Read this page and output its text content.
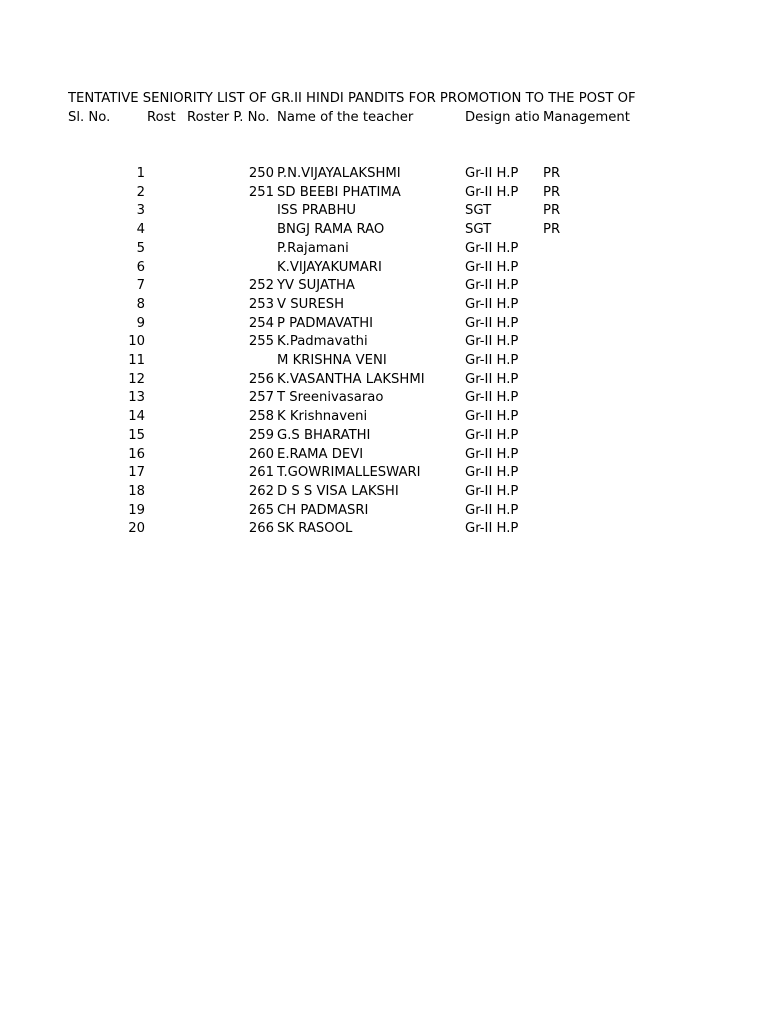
TENTATIVE SENIORITY LIST OF GR.II HINDI PANDITS FOR PROMOTION TO THE POST OF
Sl. No.	Rost Roster P. No. Name of the teacher	Design atio Management
1	250 P.N.VIJAYALAKSHMI	Gr-II H.P	PR
2	251 SD BEEBI PHATIMA	Gr-II H.P	PR
3	ISS PRABHU	SGT	PR
4	BNGJ RAMA RAO	SGT	PR
5	P.Rajamani	Gr-II H.P
6	K.VIJAYAKUMARI	Gr-II H.P
7	252 YV SUJATHA	Gr-II H.P
8	253 V SURESH	Gr-II H.P
9	254 P PADMAVATHI	Gr-II H.P
10	255 K.Padmavathi	Gr-II H.P
11	M KRISHNA VENI	Gr-II H.P
12	256 K.VASANTHA LAKSHMI	Gr-II H.P
13	257 T Sreenivasarao	Gr-II H.P
14	258 K Krishnaveni	Gr-II H.P
15	259 G.S BHARATHI	Gr-II H.P
16	260 E.RAMA DEVI	Gr-II H.P
17	261 T.GOWRIMALLESWARI	Gr-II H.P
18	262 D S S VISA LAKSHI	Gr-II H.P
19	265 CH PADMASRI	Gr-II H.P
20	266 SK RASOOL	Gr-II H.P
